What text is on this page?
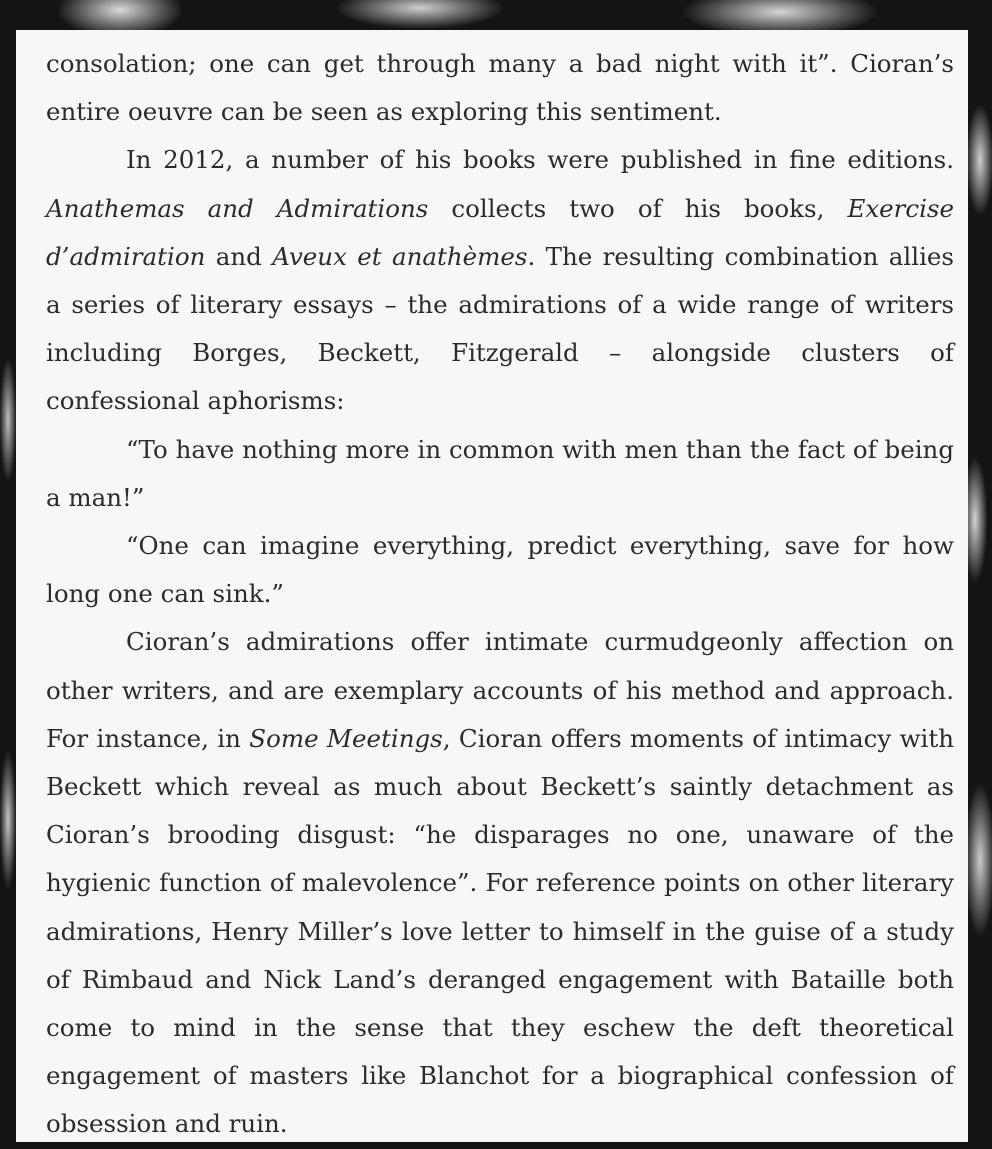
consolation; one can get through many a bad night with it”. Cioran’s entire oeuvre can be seen as exploring this sentiment.

In 2012, a number of his books were published in fine editions. Anathemas and Admirations collects two of his books, Exercise d’admiration and Aveux et anathèmes. The resulting combination allies a series of literary essays – the admirations of a wide range of writers including Borges, Beckett, Fitzgerald – alongside clusters of confessional aphorisms:

“To have nothing more in common with men than the fact of being a man!”

“One can imagine everything, predict everything, save for how long one can sink.”

Cioran’s admirations offer intimate curmudgeonly affection on other writers, and are exemplary accounts of his method and approach. For instance, in Some Meetings, Cioran offers moments of intimacy with Beckett which reveal as much about Beckett’s saintly detachment as Cioran’s brooding disgust: “he disparages no one, unaware of the hygienic function of malevolence”. For reference points on other literary admirations, Henry Miller’s love letter to himself in the guise of a study of Rimbaud and Nick Land’s deranged engagement with Bataille both come to mind in the sense that they eschew the deft theoretical engagement of masters like Blanchot for a biographical confession of obsession and ruin.
